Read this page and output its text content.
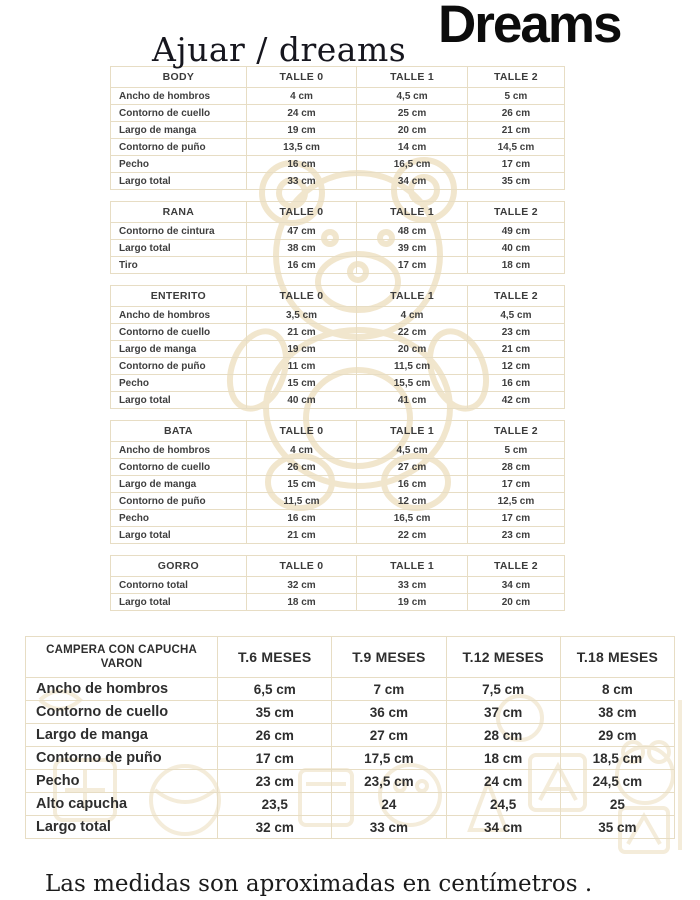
Ajuar / dreams Dreams
BODY	TALLE 0	TALLE 1	TALLE 2
Ancho de hombros	4 cm	4,5 cm	5 cm
Contorno de cuello	24 cm	25 cm	26 cm
Largo de manga	19 cm	20 cm	21 cm
Contorno de puño	13,5 cm	14 cm	14,5 cm
Pecho	16 cm	16,5 cm	17 cm
Largo total	33 cm	34 cm	35 cm
RANA	TALLE 0	TALLE 1	TALLE 2
Contorno de cintura	47 cm	48 cm	49 cm
Largo total	38 cm	39 cm	40 cm
Tiro	16 cm	17 cm	18 cm
ENTERITO	TALLE 0	TALLE 1	TALLE 2
Ancho de hombros	3,5 cm	4 cm	4,5 cm
Contorno de cuello	21 cm	22 cm	23 cm
Largo de manga	19 cm	20 cm	21 cm
Contorno de puño	11 cm	11,5 cm	12 cm
Pecho	15 cm	15,5 cm	16 cm
Largo total	40 cm	41 cm	42 cm
BATA	TALLE 0	TALLE 1	TALLE 2
Ancho de hombros	4 cm	4,5 cm	5 cm
Contorno de cuello	26 cm	27 cm	28 cm
Largo de manga	15 cm	16 cm	17 cm
Contorno de puño	11,5 cm	12 cm	12,5 cm
Pecho	16 cm	16,5 cm	17 cm
Largo total	21 cm	22 cm	23 cm
GORRO	TALLE 0	TALLE 1	TALLE 2
Contorno total	32 cm	33 cm	34 cm
Largo total	18 cm	19 cm	20 cm
CAMPERA CON CAPUCHA VARON	T.6 MESES	T.9 MESES	T.12 MESES	T.18 MESES
Ancho de hombros	6,5 cm	7 cm	7,5 cm	8 cm
Contorno de cuello	35 cm	36 cm	37 cm	38 cm
Largo de manga	26 cm	27 cm	28 cm	29 cm
Contorno de puño	17 cm	17,5 cm	18 cm	18,5 cm
Pecho	23 cm	23,5 cm	24 cm	24,5 cm
Alto capucha	23,5	24	24,5	25
Largo total	32 cm	33 cm	34 cm	35 cm

Las medidas son aproximadas en centímetros .
